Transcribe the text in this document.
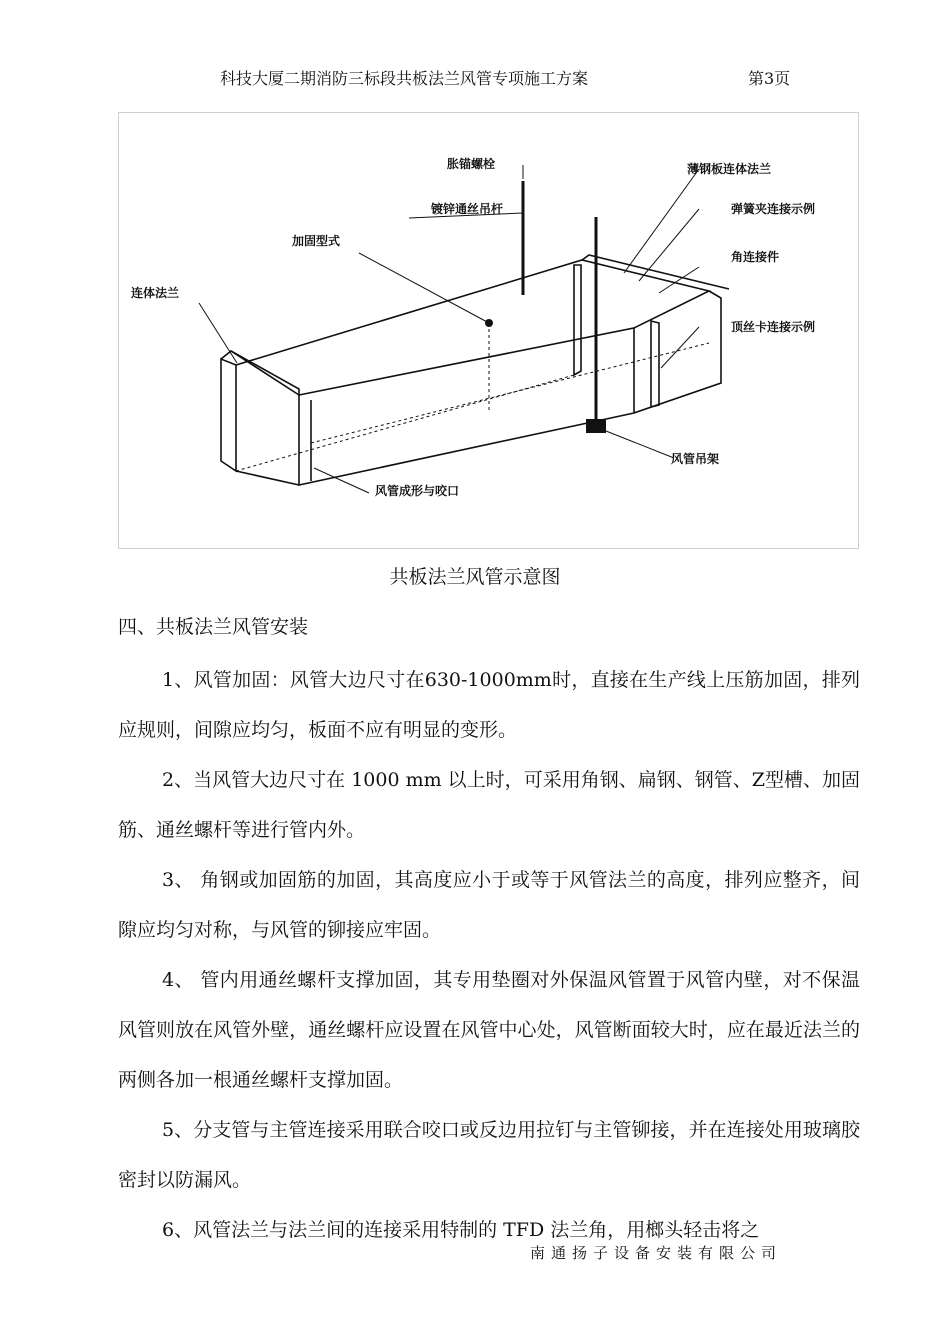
科技大厦二期消防三标段共板法兰风管专项施工方案	第3页
胀锚螺栓
镀锌通丝吊杆
加固型式
连体法兰
薄钢板连体法兰
弹簧夹连接示例
角连接件
顶丝卡连接示例
风管吊架
风管成形与咬口
共板法兰风管示意图
四、共板法兰风管安装

1、风管加固：风管大边尺寸在630-1000mm时，直接在生产线上压筋加固，排列应规则，间隙应均匀，板面不应有明显的变形。

2、当风管大边尺寸在 1000 mm 以上时，可采用角钢、扁钢、钢管、Z型槽、加固筋、通丝螺杆等进行管内外。

3、 角钢或加固筋的加固，其高度应小于或等于风管法兰的高度，排列应整齐，间隙应均匀对称，与风管的铆接应牢固。

4、 管内用通丝螺杆支撑加固，其专用垫圈对外保温风管置于风管内壁，对不保温风管则放在风管外壁，通丝螺杆应设置在风管中心处，风管断面较大时，应在最近法兰的两侧各加一根通丝螺杆支撑加固。

5、分支管与主管连接采用联合咬口或反边用拉钉与主管铆接，并在连接处用玻璃胶密封以防漏风。

6、风管法兰与法兰间的连接采用特制的 TFD 法兰角，用榔头轻击将之

南通扬子设备安装有限公司
